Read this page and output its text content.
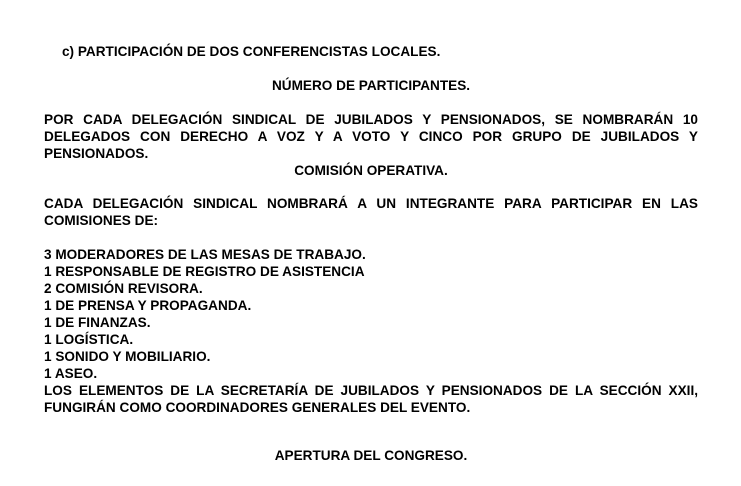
c) PARTICIPACIÓN DE DOS CONFERENCISTAS LOCALES.
NÚMERO DE PARTICIPANTES.
POR CADA DELEGACIÓN SINDICAL DE JUBILADOS Y PENSIONADOS, SE NOMBRARÁN 10
DELEGADOS CON DERECHO A VOZ Y A VOTO Y CINCO POR GRUPO DE JUBILADOS Y
PENSIONADOS.
COMISIÓN OPERATIVA.
CADA DELEGACIÓN SINDICAL NOMBRARÁ A UN INTEGRANTE PARA PARTICIPAR EN LAS
COMISIONES DE:
3 MODERADORES DE LAS MESAS DE TRABAJO.
1 RESPONSABLE DE REGISTRO DE ASISTENCIA
2 COMISIÓN REVISORA.
1 DE PRENSA Y PROPAGANDA.
1 DE FINANZAS.
1 LOGÍSTICA.
1 SONIDO Y MOBILIARIO.
1 ASEO.
LOS ELEMENTOS DE LA SECRETARÍA DE JUBILADOS Y PENSIONADOS DE LA SECCIÓN XXII,
FUNGIRÁN COMO COORDINADORES GENERALES DEL EVENTO.
APERTURA DEL CONGRESO.
